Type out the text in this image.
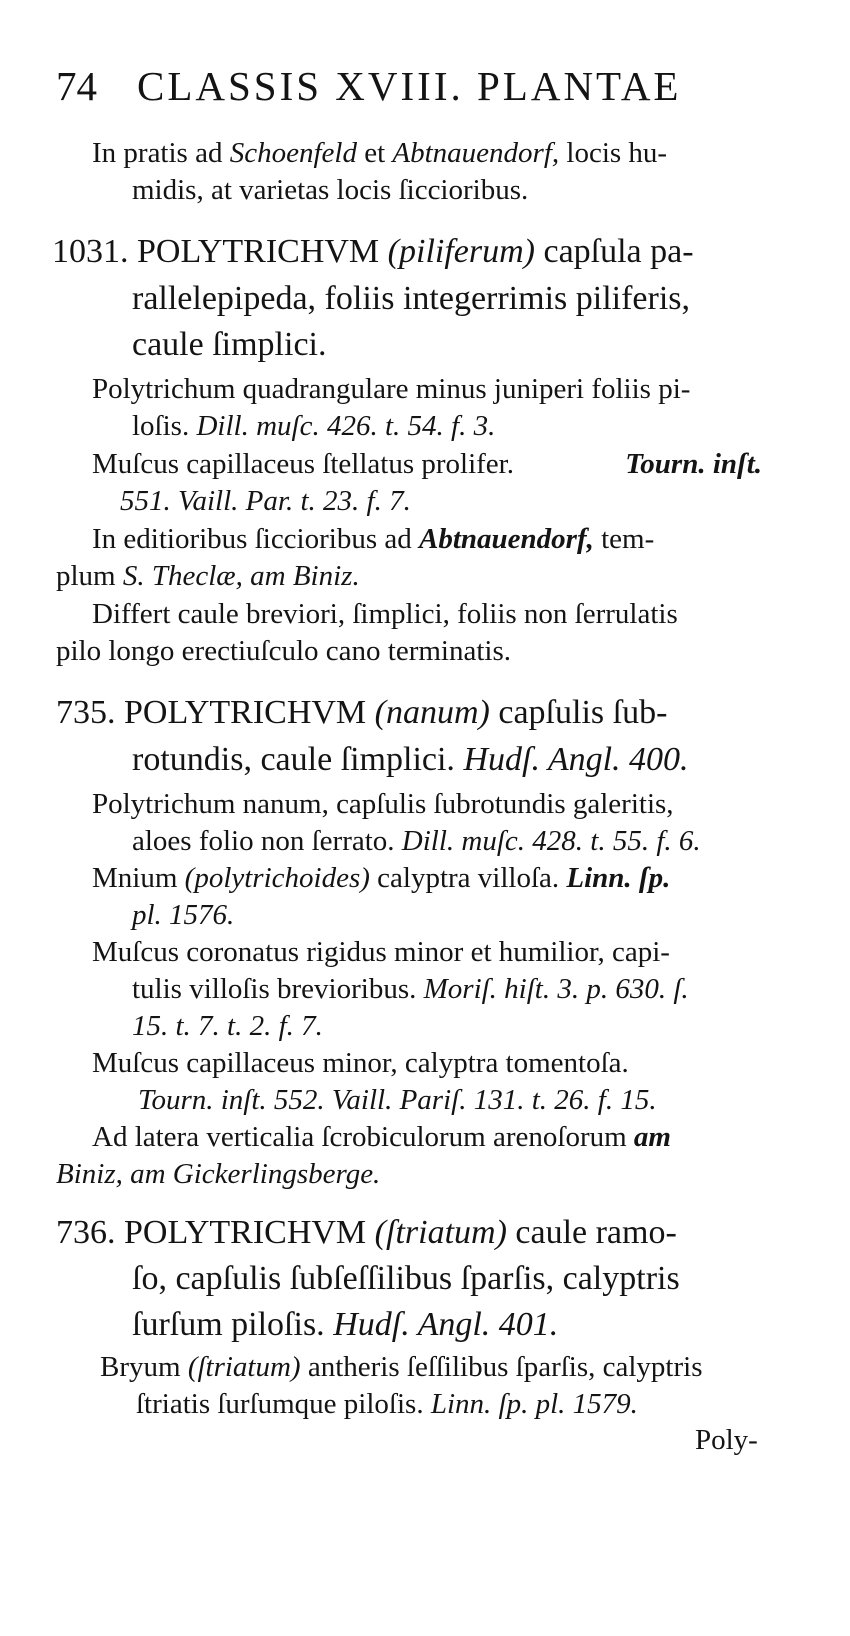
74 CLASSIS XVIII. PLANTAE
In pratis ad Schoenfeld et Abtnauendorf, locis hu-
midis, at varietas locis ſiccioribus.
1031. POLYTRICHVM (piliferum) capſula pa-
rallelepipeda, foliis integerrimis piliferis,
caule ſimplici.
Polytrichum quadrangulare minus juniperi foliis pi-
loſis. Dill. muſc. 426. t. 54. f. 3.
Muſcus capillaceus ſtellatus prolifer.	Tourn. inſt.
551. Vaill. Par. t. 23. f. 7.
In editioribus ſiccioribus ad Abtnauendorf, tem-
plum S. Theclæ, am Biniz.
Differt caule breviori, ſimplici, foliis non ſerrulatis
pilo longo erectiuſculo cano terminatis.
735. POLYTRICHVM (nanum) capſulis ſub-
rotundis, caule ſimplici. Hudſ. Angl. 400.
Polytrichum nanum, capſulis ſubrotundis galeritis,
aloes folio non ſerrato. Dill. muſc. 428. t. 55. f. 6.
Mnium (polytrichoides) calyptra villoſa. Linn. ſp.
pl. 1576.
Muſcus coronatus rigidus minor et humilior, capi-
tulis villoſis brevioribus. Moriſ. hiſt. 3. p. 630. ſ.
15. t. 7. t. 2. f. 7.
Muſcus capillaceus minor, calyptra tomentoſa.
Tourn. inſt. 552. Vaill. Pariſ. 131. t. 26. f. 15.
Ad latera verticalia ſcrobiculorum arenoſorum am
Biniz, am Gickerlingsberge.
736. POLYTRICHVM (ſtriatum) caule ramo-
ſo, capſulis ſubſeſſilibus ſparſis, calyptris
ſurſum piloſis. Hudſ. Angl. 401.
Bryum (ſtriatum) antheris ſeſſilibus ſparſis, calyptris
ſtriatis ſurſumque piloſis. Linn. ſp. pl. 1579.
Poly-
